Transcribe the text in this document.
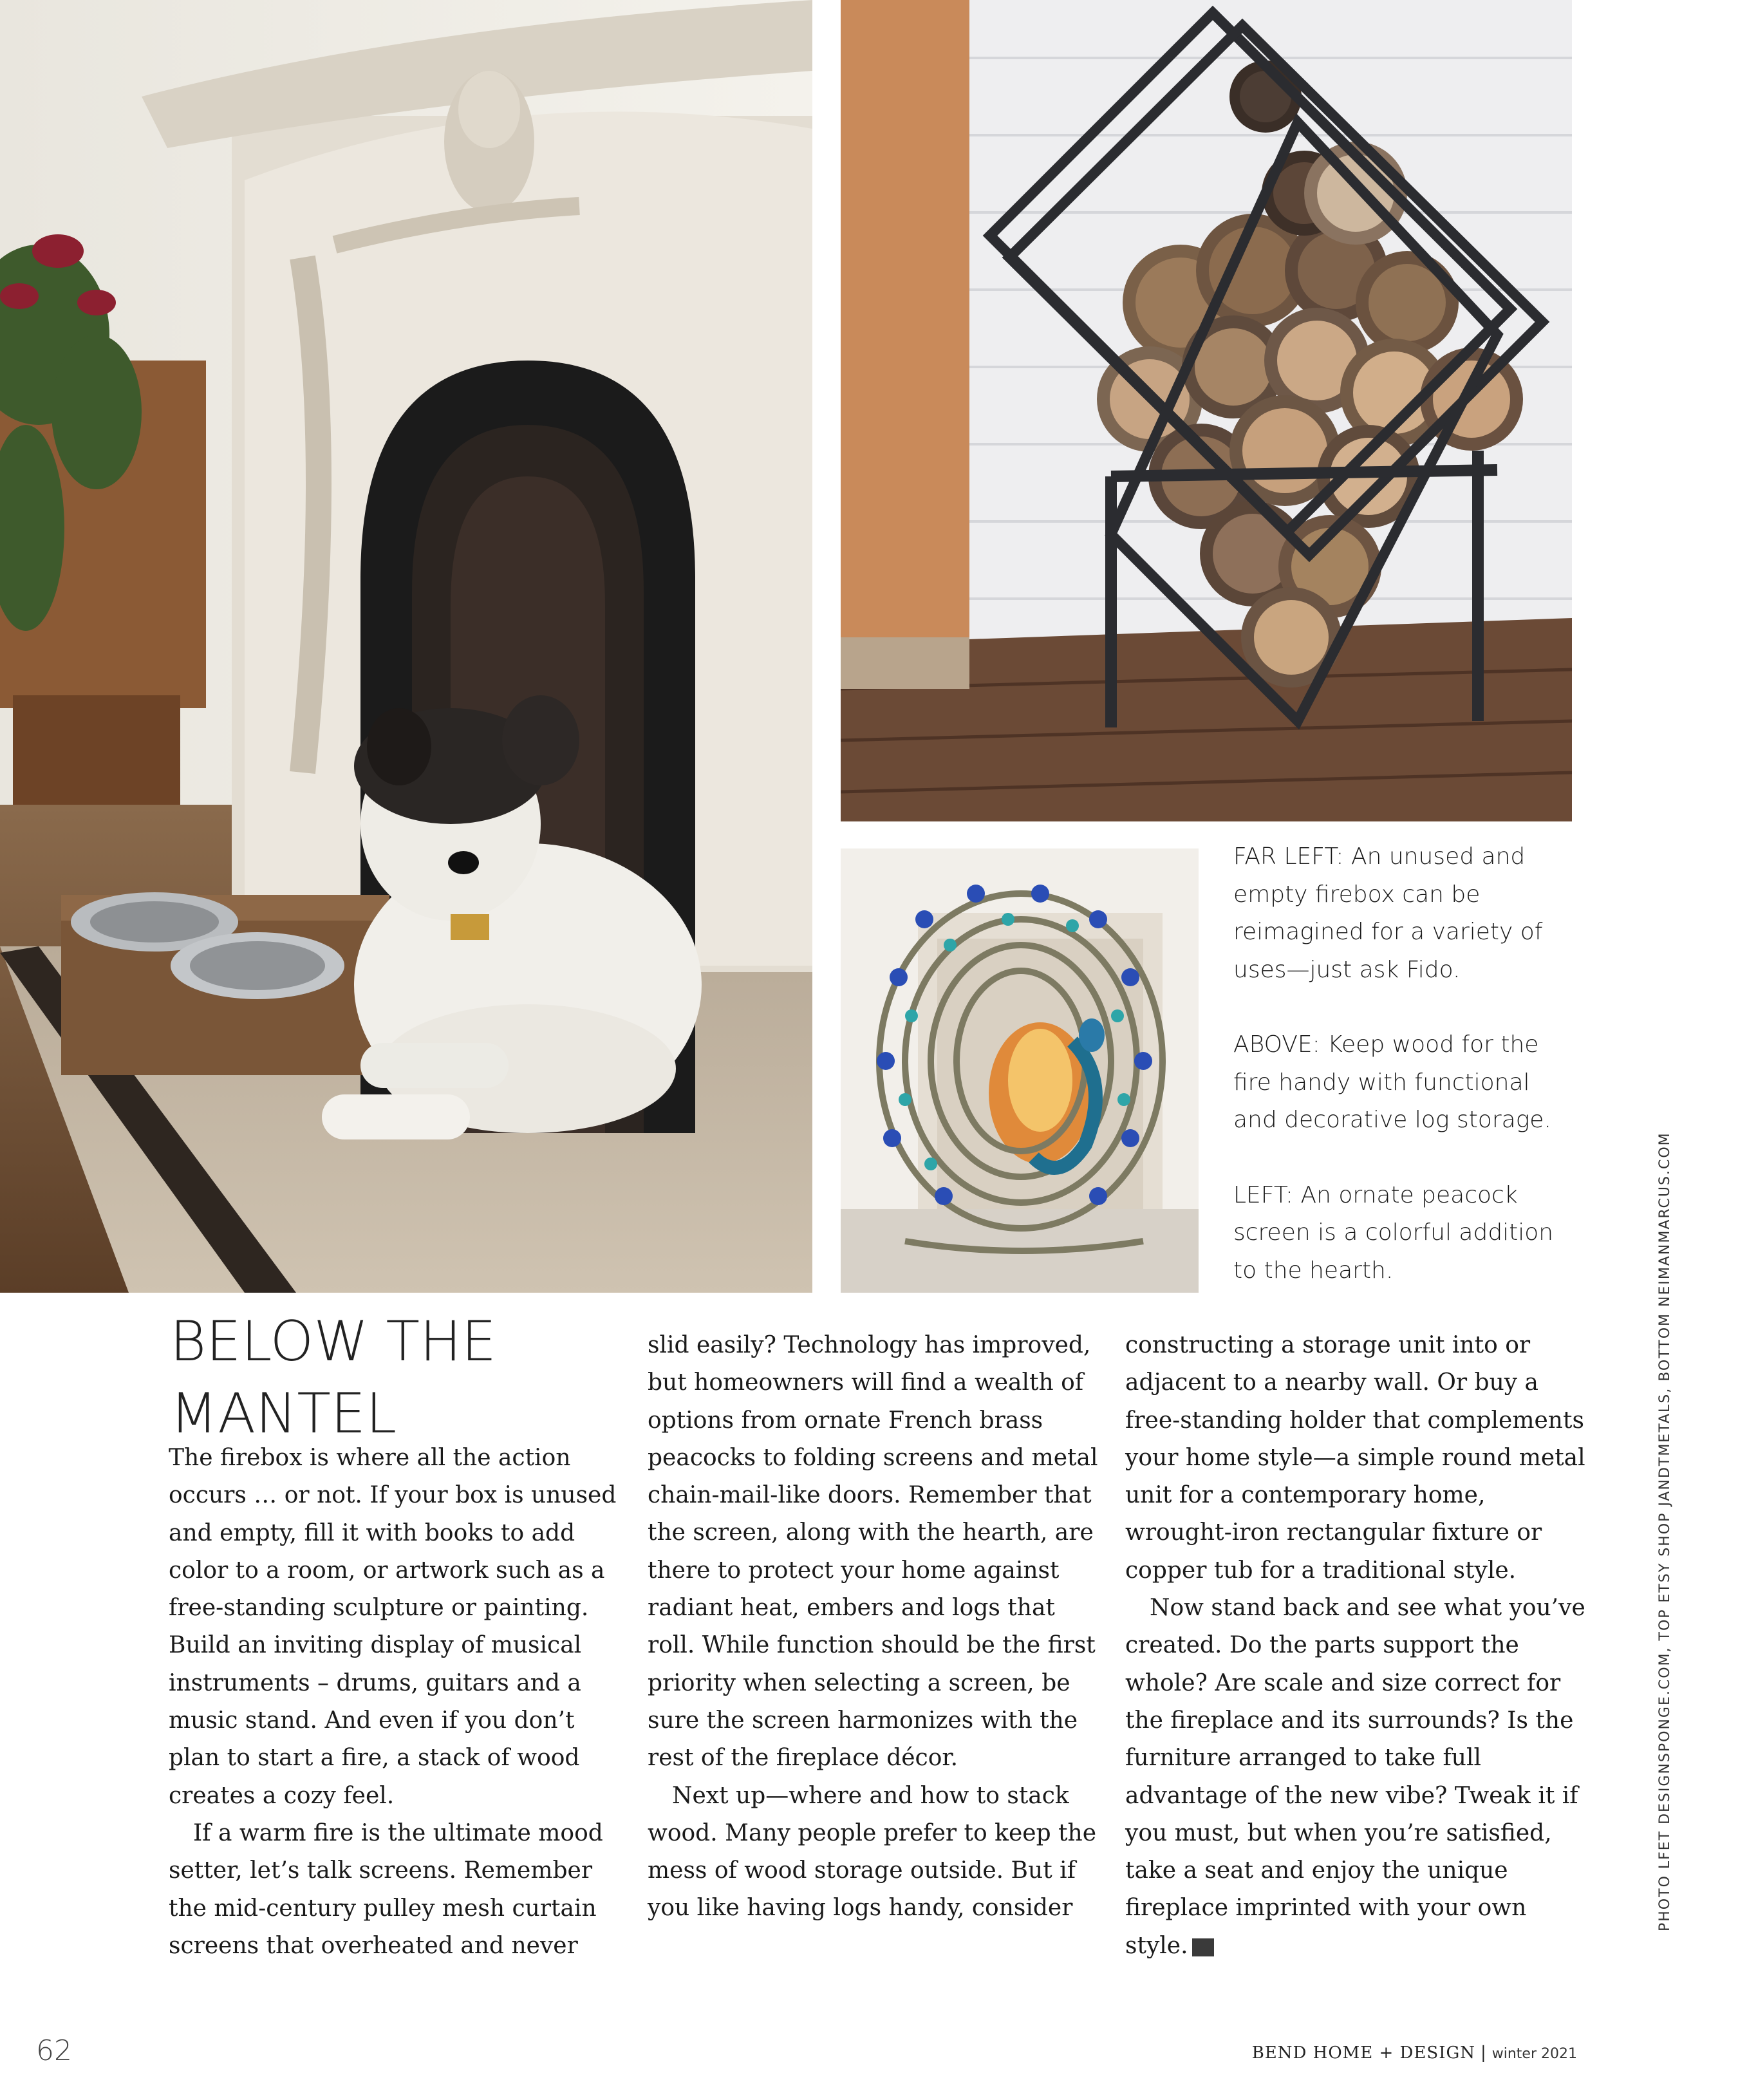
FAR LEFT: An unused and empty firebox can be reimagined for a variety of uses—just ask Fido.

ABOVE: Keep wood for the fire handy with functional and decorative log storage.

LEFT: An ornate peacock screen is a colorful addition to the hearth.

BELOW THE
MANTEL

The firebox is where all the action occurs … or not. If your box is unused and empty, fill it with books to add color to a room, or artwork such as a free-standing sculpture or painting. Build an inviting display of musical instruments – drums, guitars and a music stand. And even if you don’t plan to start a fire, a stack of wood creates a cozy feel.

If a warm fire is the ultimate mood setter, let’s talk screens. Remember the mid-century pulley mesh curtain screens that overheated and never

slid easily? Technology has improved, but homeowners will find a wealth of options from ornate French brass peacocks to folding screens and metal chain-mail-like doors. Remember that the screen, along with the hearth, are there to protect your home against radiant heat, embers and logs that roll. While function should be the first priority when selecting a screen, be sure the screen harmonizes with the rest of the fireplace décor.

Next up—where and how to stack wood. Many people prefer to keep the mess of wood storage outside. But if you like having logs handy, consider

constructing a storage unit into or adjacent to a nearby wall. Or buy a free-standing holder that complements your home style—a simple round metal unit for a contemporary home, wrought-iron rectangular fixture or copper tub for a traditional style.

Now stand back and see what you’ve created. Do the parts support the whole? Are scale and size correct for the fireplace and its surrounds? Is the furniture arranged to take full advantage of the new vibe? Tweak it if you must, but when you’re satisfied, take a seat and enjoy the unique fireplace imprinted with your own style. BH

PHOTO LFET DESIGNSPONGE.COM, TOP ETSY SHOP JANDTMETALS, BOTTOM NEIMANMARCUS.COM
62	BEND HOME + DESIGN | winter 2021
